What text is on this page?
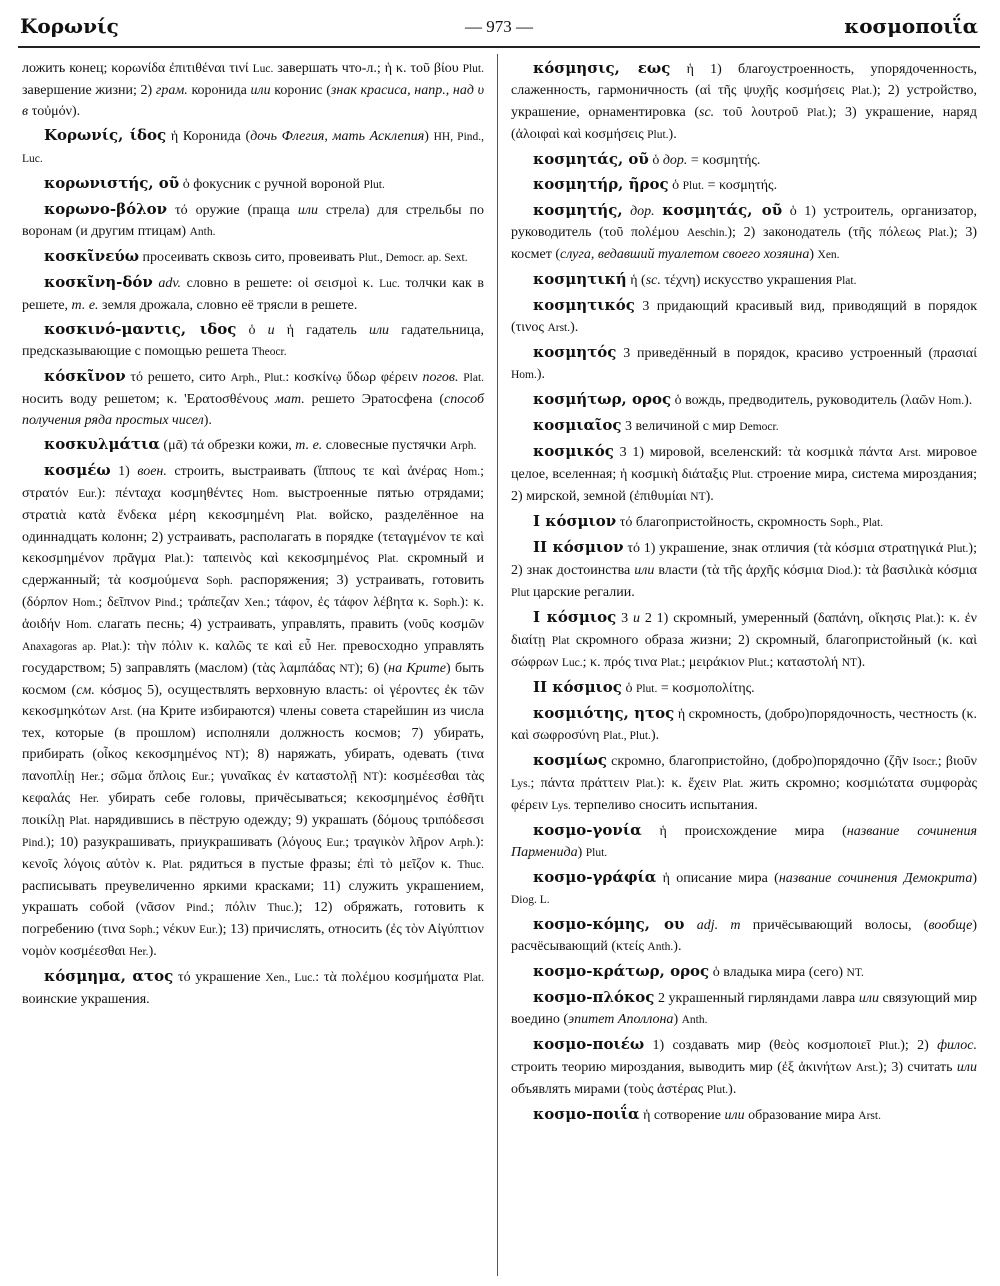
Κορωνίς	— 973 —	κοσμοποιΐα

ложить конец; κορωνίδα ἐπιτιθέναι τινί Luc. завершать что-л.; ἡ κ. τοῦ βίου Plut. завершение жизни; 2) грам. коронида или коронис (знак красиса, напр., над υ в τοὐμόν).

Κορωνίς, ίδος ἡ Коронида (дочь Флегия, мать Асклепия) HH, Pind., Luc.

κορωνιστής, οῦ ὁ фокусник с ручной вороной Plut.

κορωνο-βόλον τό оружие (праща или стрела) для стрельбы по воронам (и другим птицам) Anth.

κοσκῖνεύω просеивать сквозь сито, провеивать Plut., Democr. ap. Sext.

κοσκῖνη-δόν adv. словно в решете: οἱ σεισμοὶ κ. Luc. толчки как в решете, т. е. земля дрожала, словно её трясли в решете.

κοσκινό-μαντις, ιδος ὁ и ἡ гадатель или гадательница, предсказывающие с помощью решета Theocr.

κόσκῖνον τό решето, сито Arph., Plut.: κοσκίνῳ ὕδωρ φέρειν погов. Plat. носить воду решетом; κ. 'Ερατοσθένους мат. решето Эратосфена (способ получения ряда простых чисел).

κοσκυλμάτια (μᾶ) τά обрезки кожи, т. е. словесные пустячки Arph.

κοσμέω 1) воен. строить, выстраивать (ἵππους τε καὶ ἀνέρας Hom.; στρατόν Eur.): πένταχα κοσμηθέντες Hom. выстроенные пятью отрядами; στρατιὰ κατὰ ἕνδεκα μέρη κεκοσμημένη Plat. войско, разделённое на одиннадцать колонн; 2) устраивать, располагать в порядке (τεταγμένον τε καὶ κεκοσμημένον πρᾶγμα Plat.): ταπεινὸς καὶ κεκοσμημένος Plat. скромный и сдержанный; τὰ κοσμούμενα Soph. распоряжения; 3) устраивать, готовить (δόρπον Hom.; δεῖπνον Pind.; τράπεζαν Xen.; τάφον, ἐς τάφον λέβητα κ. Soph.): κ. ἀοιδήν Hom. слагать песнь; 4) устраивать, управлять, править (νοῦς κοσμῶν Anaxagoras ap. Plat.): τὴν πόλιν κ. καλῶς τε καὶ εὖ Her. превосходно управлять государством; 5) заправлять (маслом) (τὰς λαμπάδας NT); 6) (на Крите) быть космом (см. κόσμος 5), осуществлять верховную власть: οἱ γέροντες ἐκ τῶν κεκοσμηκότων Arst. (на Крите избираются) члены совета старейшин из числа тех, которые (в прошлом) исполняли должность космов; 7) убирать, прибирать (οἶκος κεκοσμημένος NT); 8) наряжать, убирать, одевать (τινα πανοπλίῃ Her.; σῶμα ὅπλοις Eur.; γυναῖκας ἐν καταστολῇ NT): κοσμέεσθαι τὰς κεφαλάς Her. убирать себе головы, причёсываться; κεκοσμημένος ἐσθῆτι ποικίλῃ Plat. нарядившись в пёструю одежду; 9) украшать (δόμους τριπόδεσσι Pind.); 10) разукрашивать, приукрашивать (λόγους Eur.; τραγικὸν λῆρον Arph.): κενοῖς λόγοις αὑτὸν κ. Plat. рядиться в пустые фразы; ἐπὶ τὸ μεῖζον κ. Thuc. расписывать преувеличенно яркими красками; 11) служить украшением, украшать собой (νᾶσον Pind.; πόλιν Thuc.); 12) обряжать, готовить к погребению (τινα Soph.; νέκυν Eur.); 13) причислять, относить (ἐς τὸν Αἰγύπτιον νομὸν κοσμέεσθαι Her.).

κόσμημα, ατος τό украшение Xen., Luc.: τὰ πολέμου κοσμήματα Plat. воинские украшения.

κόσμησις, εως ἡ 1) благоустроенность, упорядоченность, слаженность, гармоничность (αἱ τῆς ψυχῆς κοσμήσεις Plat.); 2) устройство, украшение, орнаментировка (sc. τοῦ λουτροῦ Plat.); 3) украшение, наряд (ἀλοιφαὶ καὶ κοσμήσεις Plut.).

κοσμητάς, οῦ ὁ дор. = κοσμητής.

κοσμητήρ, ῆρος ὁ Plut. = κοσμητής.

κοσμητής, дор. κοσμητάς, οῦ ὁ 1) устроитель, организатор, руководитель (τοῦ πολέμου Aeschin.); 2) законодатель (τῆς πόλεως Plat.); 3) космет (слуга, ведавший туалетом своего хозяина) Xen.

κοσμητική ἡ (sc. τέχνη) искусство украшения Plat.

κοσμητικός 3 придающий красивый вид, приводящий в порядок (τινος Arst.).

κοσμητός 3 приведённый в порядок, красиво устроенный (πρασιαί Hom.).

κοσμήτωρ, ορος ὁ вождь, предводитель, руководитель (λαῶν Hom.).

κοσμιαῖος 3 величиной с мир Democr.

κοσμικός 3 1) мировой, вселенский: τὰ κοσμικὰ πάντα Arst. мировое целое, вселенная; ἡ κοσμικὴ διάταξις Plut. строение мира, система мироздания; 2) мирской, земной (ἐπιθυμίαι NT).

I κόσμιον τό благопристойность, скромность Soph., Plat.

II κόσμιον τό 1) украшение, знак отличия (τὰ κόσμια στρατηγικά Plut.); 2) знак достоинства или власти (τὰ τῆς ἀρχῆς κόσμια Diod.): τὰ βασιλικὰ κόσμια Plut царские регалии.

I κόσμιος 3 и 2 1) скромный, умеренный (δαπάνη, οἴκησις Plat.): κ. ἐν διαίτῃ Plat скромного образа жизни; 2) скромный, благопристойный (κ. καὶ σώφρων Luc.; κ. πρός τινα Plat.; μειράκιον Plut.; καταστολή NT).

II κόσμιος ὁ Plut. = κοσμοπολίτης.

κοσμιότης, ητος ἡ скромность, (добро)порядочность, честность (κ. καὶ σωφροσύνη Plat., Plut.).

κοσμίως скромно, благопристойно, (добро)порядочно (ζῆν Isocr.; βιοῦν Lys.; πάντα πράττειν Plat.): κ. ἔχειν Plat. жить скромно; κοσμιώτατα συμφορὰς φέρειν Lys. терпеливо сносить испытания.

κοσμο-γονία ἡ происхождение мира (название сочинения Парменида) Plut.

κοσμο-γράφία ἡ описание мира (название сочинения Демокрита) Diog. L.

κοσμο-κόμης, ου adj. m причёсывающий волосы, (вообще) расчёсывающий (κτείς Anth.).

κοσμο-κράτωρ, ορος ὁ владыка мира (сего) NT.

κοσμο-πλόκος 2 украшенный гирляндами лавра или связующий мир воедино (эпитет Аполлона) Anth.

κοσμο-ποιέω 1) создавать мир (θεὸς κοσμοποιεῖ Plut.); 2) филос. строить теорию мироздания, выводить мир (ἐξ ἀκινήτων Arst.); 3) считать или объявлять мирами (τοὺς ἀστέρας Plut.).

κοσμο-ποιΐα ἡ сотворение или образование мира Arst.
